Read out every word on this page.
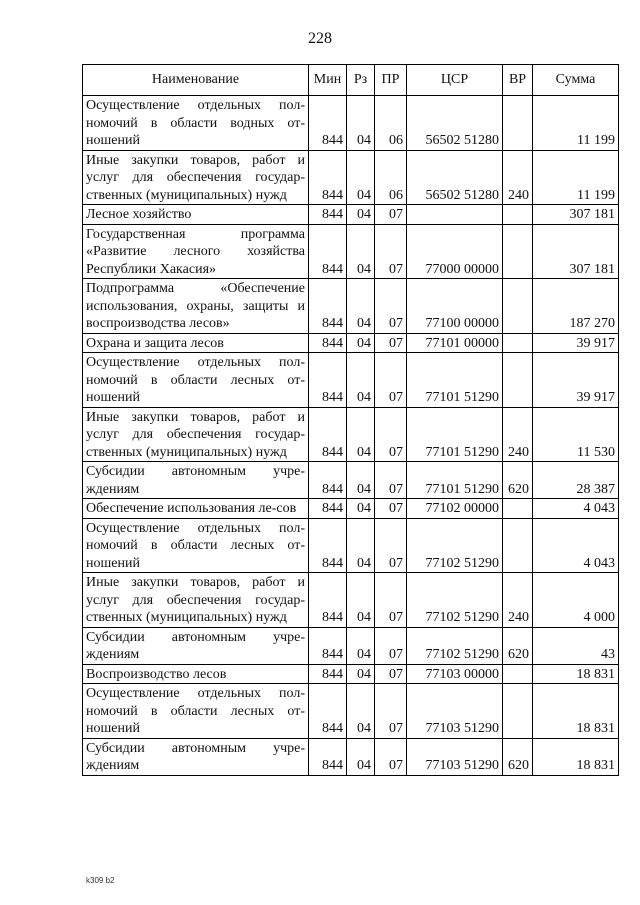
228
Наименование	Мин	Рз	ПР	ЦСР	ВР	Сумма
Осуществление отдельных пол-номочий в области водных от-ношений	844	04	06	56502 51280		11 199
Иные закупки товаров, работ и услуг для обеспечения государ-ственных (муниципальных) нужд	844	04	06	56502 51280	240	11 199
Лесное хозяйство	844	04	07			307 181
Государственная программа «Развитие лесного хозяйства Республики Хакасия»	844	04	07	77000 00000		307 181
Подпрограмма «Обеспечение использования, охраны, защиты и воспроизводства лесов»	844	04	07	77100 00000		187 270
Охрана и защита лесов	844	04	07	77101 00000		39 917
Осуществление отдельных пол-номочий в области лесных от-ношений	844	04	07	77101 51290		39 917
Иные закупки товаров, работ и услуг для обеспечения государ-ственных (муниципальных) нужд	844	04	07	77101 51290	240	11 530
Субсидии автономным учре-ждениям	844	04	07	77101 51290	620	28 387
Обеспечение использования ле-сов	844	04	07	77102 00000		4 043
Осуществление отдельных пол-номочий в области лесных от-ношений	844	04	07	77102 51290		4 043
Иные закупки товаров, работ и услуг для обеспечения государ-ственных (муниципальных) нужд	844	04	07	77102 51290	240	4 000
Субсидии автономным учре-ждениям	844	04	07	77102 51290	620	43
Воспроизводство лесов	844	04	07	77103 00000		18 831
Осуществление отдельных пол-номочий в области лесных от-ношений	844	04	07	77103 51290		18 831
Субсидии автономным учре-ждениям	844	04	07	77103 51290	620	18 831
k309 b2
